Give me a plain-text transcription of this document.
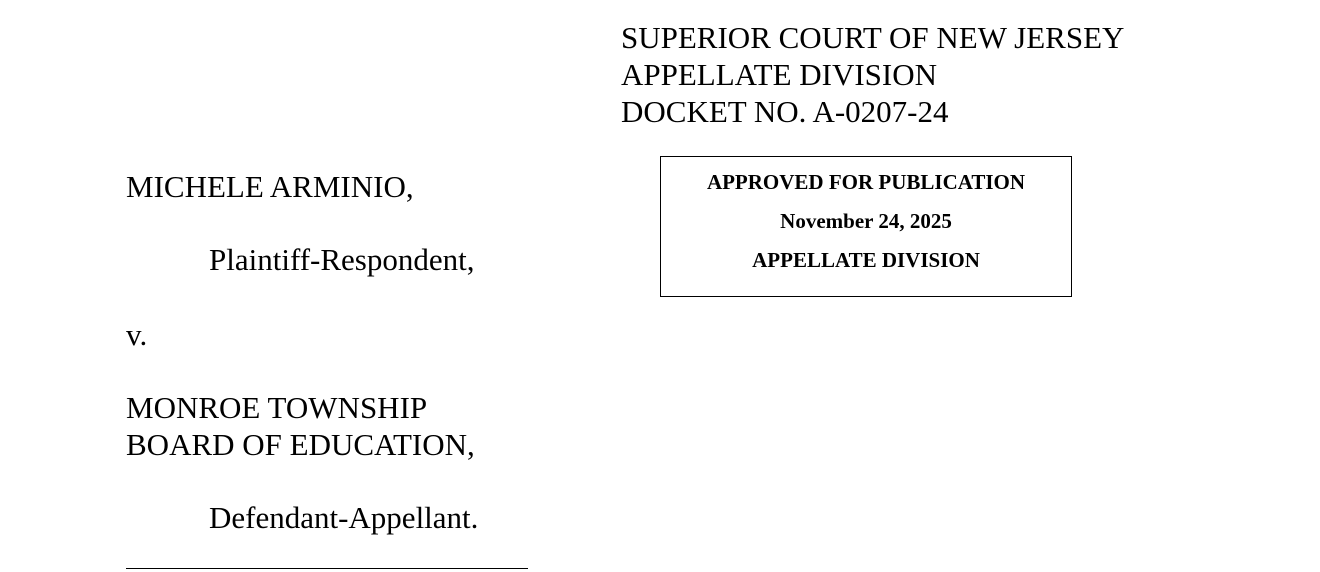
SUPERIOR COURT OF NEW JERSEY
APPELLATE DIVISION
DOCKET NO. A-0207-24
APPROVED FOR PUBLICATION
November 24, 2025
APPELLATE DIVISION
MICHELE ARMINIO,
Plaintiff-Respondent,
v.
MONROE TOWNSHIP
BOARD OF EDUCATION,
Defendant-Appellant.
